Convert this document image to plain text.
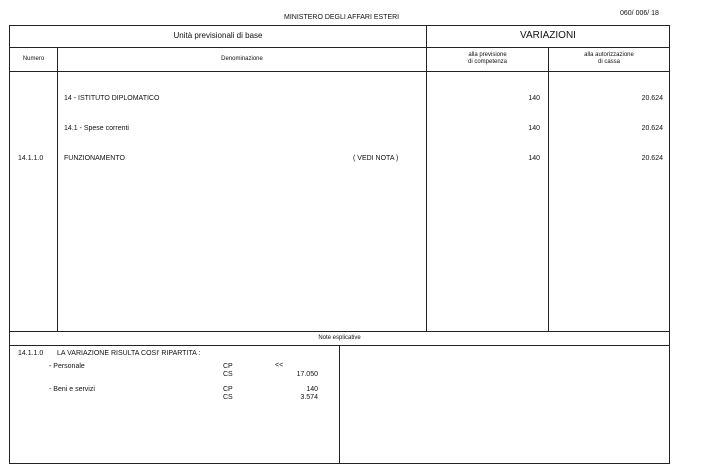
MINISTERO DEGLI AFFARI ESTERI
060/ 006/ 18
Unità previsionali di base	VARIAZIONI
Numero	Denominazione
alla previsione
di competenza
alla autorizzazione
di cassa
14 - ISTITUTO DIPLOMATICO	140	20.624
14.1 - Spese correnti	140	20.624
14.1.1.0	FUNZIONAMENTO	( VEDI NOTA )	140	20.624
Note esplicative
14.1.1.0 LA VARIAZIONE RISULTA COSI' RIPARTITA :
- Personale	CP	<<
CS	17.050
- Beni e servizi	CP	140
CS	3.574
